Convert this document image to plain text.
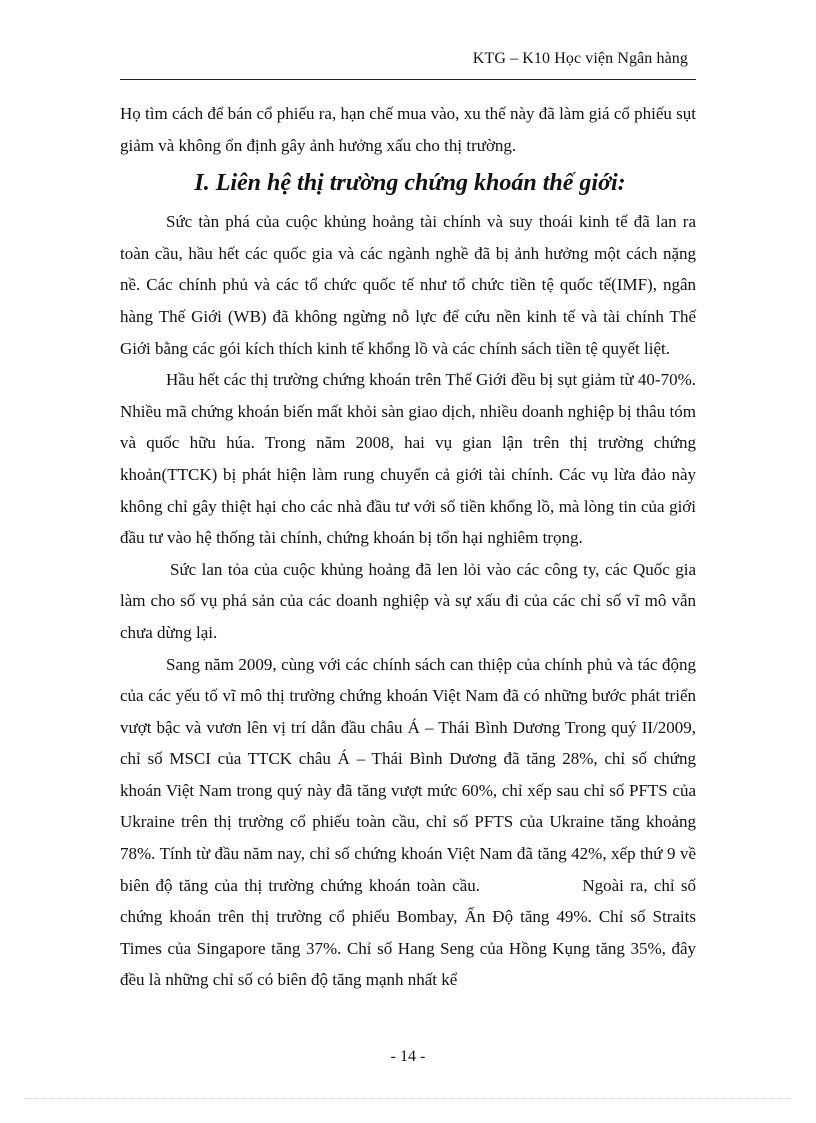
KTG – K10 Học viện Ngân hàng

Họ tìm cách để bán cổ phiếu ra, hạn chế mua vào, xu thế này đã làm giá cổ phiếu sụt giảm và không ổn định gây ảnh hưởng xấu cho thị trường.

I. Liên hệ thị trường chứng khoán thế giới:

Sức tàn phá của cuộc khủng hoảng tài chính và suy thoái kinh tế đã lan ra toàn cầu, hầu hết các quốc gia và các ngành nghề đã bị ảnh hưởng một cách nặng nề. Các chính phủ và các tổ chức quốc tế như tổ chức tiền tệ quốc tế(IMF), ngân hàng Thế Giới (WB) đã không ngừng nỗ lực để cứu nền kinh tế và tài chính Thế Giới bằng các gói kích thích kinh tế khổng lồ và các chính sách tiền tệ quyết liệt.

Hầu hết các thị trường chứng khoán trên Thế Giới đều bị sụt giảm từ 40-70%. Nhiều mã chứng khoán biến mất khỏi sàn giao dịch, nhiều doanh nghiệp bị thâu tóm và quốc hữu húa. Trong năm 2008, hai vụ gian lận trên thị trường chứng khoản(TTCK) bị phát hiện làm rung chuyển cả giới tài chính. Các vụ lừa đảo này không chỉ gây thiệt hại cho các nhà đầu tư với số tiền khổng lồ, mà lòng tin của giới đầu tư vào hệ thống tài chính, chứng khoán bị tổn hại nghiêm trọng.

Sức lan tỏa của cuộc khủng hoảng đã len lỏi vào các công ty, các Quốc gia làm cho số vụ phá sản của các doanh nghiệp và sự xấu đi của các chỉ số vĩ mô vẫn chưa dừng lại.

Sang năm 2009, cùng với các chính sách can thiệp của chính phủ và tác động của các yếu tố vĩ mô thị trường chứng khoán Việt Nam đã có những bước phát triển vượt bậc và vươn lên vị trí dẫn đầu châu Á – Thái Bình Dương Trong quý II/2009, chỉ số MSCI của TTCK châu Á – Thái Bình Dương đã tăng 28%, chỉ số chứng khoán Việt Nam trong quý này đã tăng vượt mức 60%, chỉ xếp sau chỉ số PFTS của Ukraine trên thị trường cổ phiếu toàn cầu, chỉ số PFTS của Ukraine tăng khoảng 78%. Tính từ đầu năm nay, chỉ số chứng khoán Việt Nam đã tăng 42%, xếp thứ 9 về biên độ tăng của thị trường chứng khoán toàn cầu.	Ngoài ra, chỉ số chứng khoán trên thị trường cổ phiếu Bombay, Ấn Độ tăng 49%. Chỉ số Straits Times của Singapore tăng 37%. Chỉ số Hang Seng của Hồng Kụng tăng 35%, đây đều là những chỉ số có biên độ tăng mạnh nhất kể

- 14 -
